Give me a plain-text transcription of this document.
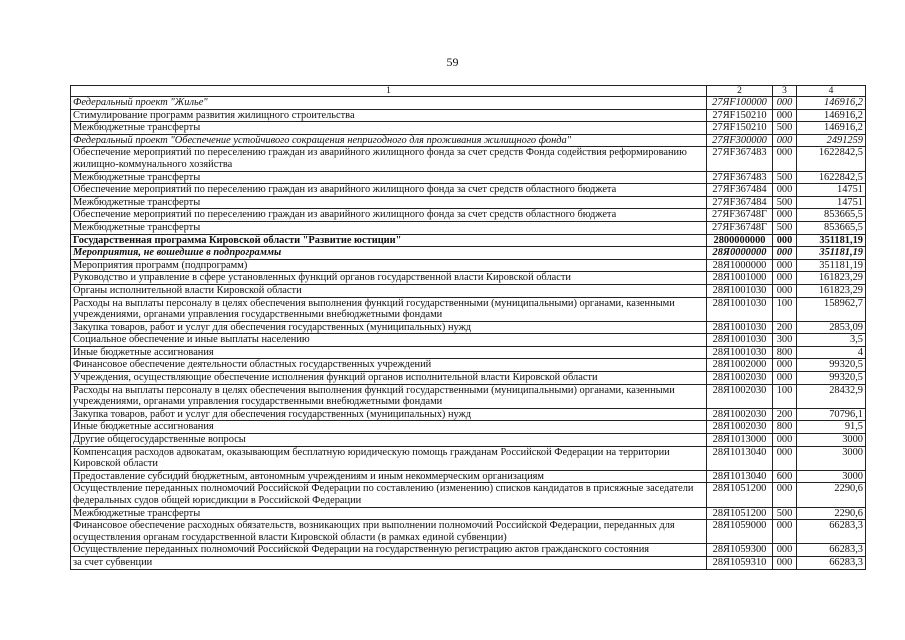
59
1	2	3	4
Федеральный проект "Жилье"	27ЯF100000	000	146916,2
Стимулирование программ развития жилищного строительства	27ЯF150210	000	146916,2
Межбюджетные трансферты	27ЯF150210	500	146916,2
Федеральный проект "Обеспечение устойчивого сокращения непригодного для проживания жилищного фонда"	27ЯF300000	000	2491259
Обеспечение мероприятий по переселению граждан из аварийного жилищного фонда за счет средств Фонда содействия реформированию жилищно-коммунального хозяйства	27ЯF367483	000	1622842,5
Межбюджетные трансферты	27ЯF367483	500	1622842,5
Обеспечение мероприятий по переселению граждан из аварийного жилищного фонда за счет средств областного бюджета	27ЯF367484	000	14751
Межбюджетные трансферты	27ЯF367484	500	14751
Обеспечение мероприятий по переселению граждан из аварийного жилищного фонда за счет средств областного бюджета	27ЯF36748Г	000	853665,5
Межбюджетные трансферты	27ЯF36748Г	500	853665,5
Государственная программа Кировской области "Развитие юстиции"	2800000000	000	351181,19
Мероприятия, не вошедшие в подпрограммы	28Я0000000	000	351181,19
Мероприятия программ (подпрограмм)	28Я1000000	000	351181,19
Руководство и управление в сфере установленных функций органов государственной власти Кировской области	28Я1001000	000	161823,29
Органы исполнительной власти Кировской области	28Я1001030	000	161823,29
Расходы на выплаты персоналу в целях обеспечения выполнения функций государственными (муниципальными) органами, казенными учреждениями, органами управления государственными внебюджетными фондами	28Я1001030	100	158962,7
Закупка товаров, работ и услуг для обеспечения государственных (муниципальных) нужд	28Я1001030	200	2853,09
Социальное обеспечение и иные выплаты населению	28Я1001030	300	3,5
Иные бюджетные ассигнования	28Я1001030	800	4
Финансовое обеспечение деятельности областных государственных учреждений	28Я1002000	000	99320,5
Учреждения, осуществляющие обеспечение исполнения функций органов исполнительной власти Кировской области	28Я1002030	000	99320,5
Расходы на выплаты персоналу в целях обеспечения выполнения функций государственными (муниципальными) органами, казенными учреждениями, органами управления государственными внебюджетными фондами	28Я1002030	100	28432,9
Закупка товаров, работ и услуг для обеспечения государственных (муниципальных) нужд	28Я1002030	200	70796,1
Иные бюджетные ассигнования	28Я1002030	800	91,5
Другие общегосударственные вопросы	28Я1013000	000	3000
Компенсация расходов адвокатам, оказывающим бесплатную юридическую помощь гражданам Российской Федерации на территории Кировской области	28Я1013040	000	3000
Предоставление субсидий бюджетным, автономным учреждениям и иным некоммерческим организациям	28Я1013040	600	3000
Осуществление переданных полномочий Российской Федерации по составлению (изменению) списков кандидатов в присяжные заседатели федеральных судов общей юрисдикции в Российской Федерации	28Я1051200	000	2290,6
Межбюджетные трансферты	28Я1051200	500	2290,6
Финансовое обеспечение расходных обязательств, возникающих при выполнении полномочий Российской Федерации, переданных для осуществления органам государственной власти Кировской области (в рамках единой субвенции)	28Я1059000	000	66283,3
Осуществление переданных полномочий Российской Федерации на государственную регистрацию актов гражданского состояния	28Я1059300	000	66283,3
за счет субвенции	28Я1059310	000	66283,3
